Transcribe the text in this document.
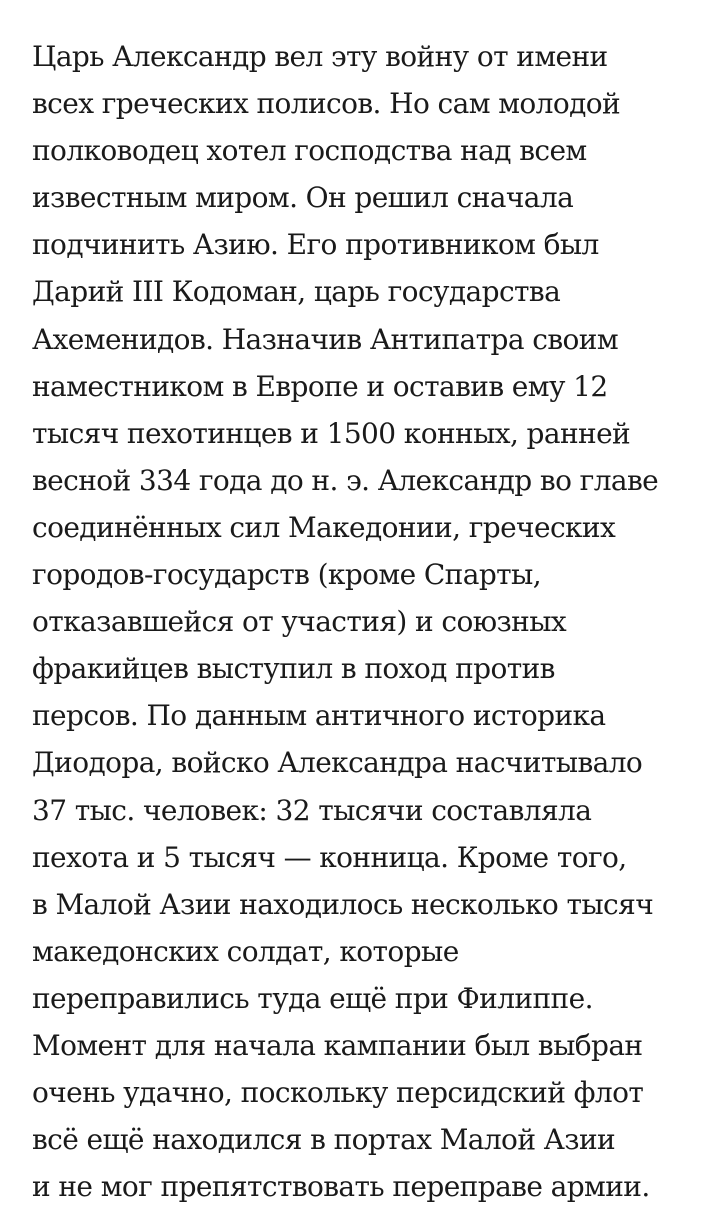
Царь Александр вел эту войну от имени
всех греческих полисов. Но сам молодой
полководец хотел господства над всем
известным миром. Он решил сначала
подчинить Азию. Его противником был
Дарий III Кодоман, царь государства
Ахеменидов. Назначив Антипатра своим
наместником в Европе и оставив ему 12
тысяч пехотинцев и 1500 конных, ранней
весной 334 года до н. э. Александр во главе
соединённых сил Македонии, греческих
городов-государств (кроме Спарты,
отказавшейся от участия) и союзных
фракийцев выступил в поход против
персов. По данным античного историка
Диодора, войско Александра насчитывало
37 тыс. человек: 32 тысячи составляла
пехота и 5 тысяч — конница. Кроме того,
в Малой Азии находилось несколько тысяч
македонских солдат, которые
переправились туда ещё при Филиппе.
Момент для начала кампании был выбран
очень удачно, поскольку персидский флот
всё ещё находился в портах Малой Азии
и не мог препятствовать переправе армии.
